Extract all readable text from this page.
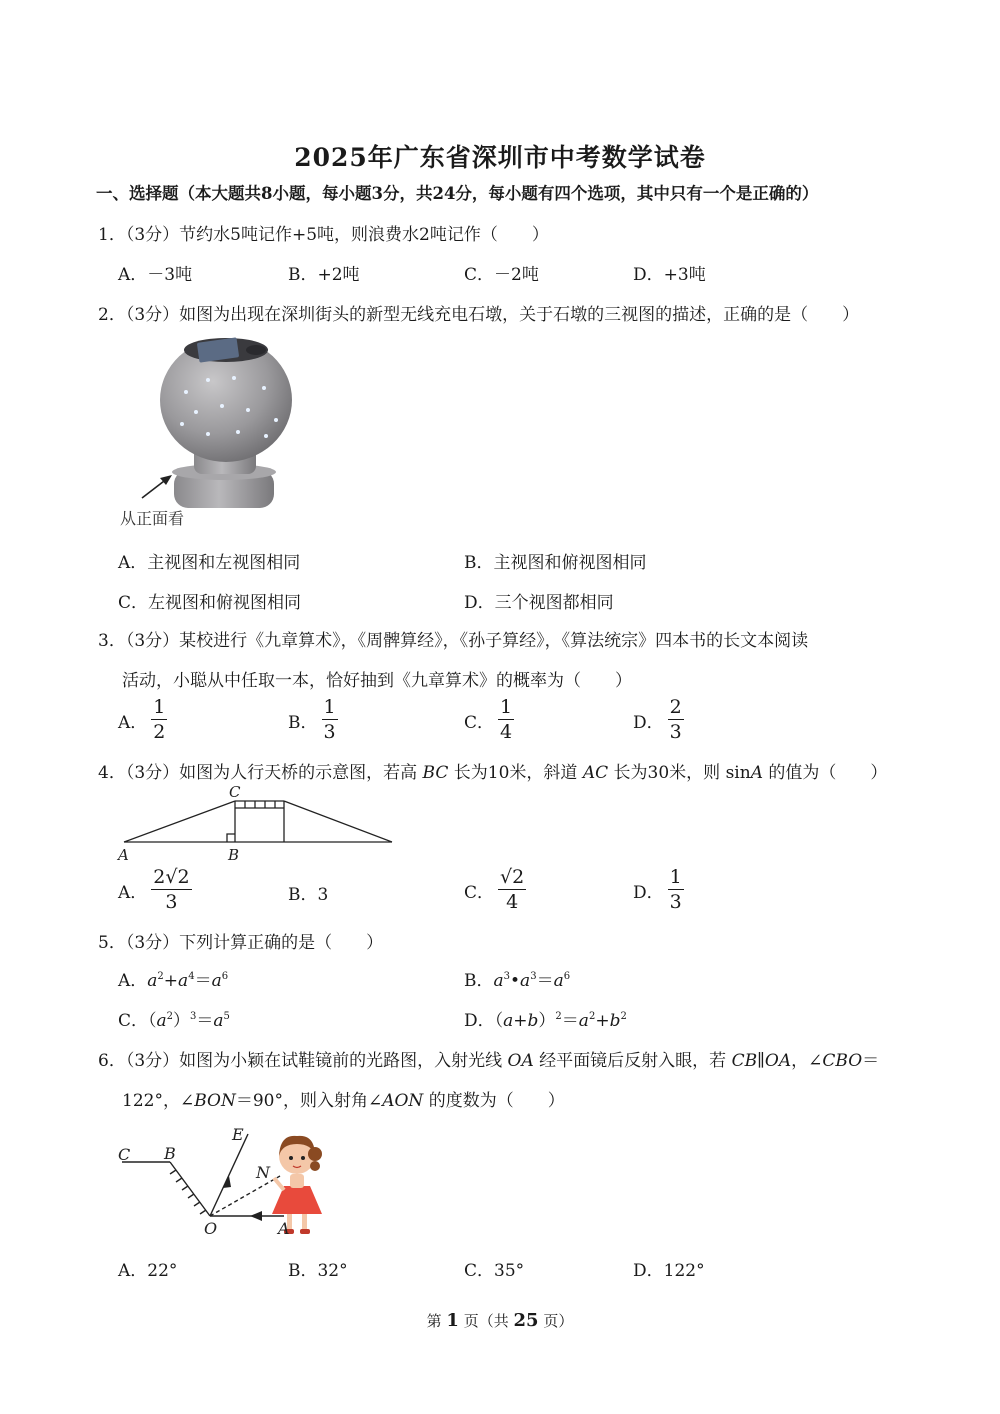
2025年广东省深圳市中考数学试卷
一、选择题（本大题共8小题，每小题3分，共24分，每小题有四个选项，其中只有一个是正确的）
1．（3分）节约水5吨记作+5吨，则浪费水2吨记作（　　）
A．－3吨	B．+2吨	C．－2吨	D．+3吨
2．（3分）如图为出现在深圳街头的新型无线充电石墩，关于石墩的三视图的描述，正确的是（　　）
从正面看
A．主视图和左视图相同	B．主视图和俯视图相同
C．左视图和俯视图相同	D．三个视图都相同
3．（3分）某校进行《九章算术》，《周髀算经》，《孙子算经》，《算法统宗》四本书的长文本阅读
活动，小聪从中任取一本，恰好抽到《九章算术》的概率为（　　）
A． $\frac{1}{2}$	B． $\frac{1}{3}$	C． $\frac{1}{4}$	D． $\frac{2}{3}$
4．（3分）如图为人行天桥的示意图，若高 BC 长为10米，斜道 AC 长为30米，则 sinA 的值为（　　）
C
A	B
A． $\frac{2√2}{3}$	B．3	C． $\frac{√2}{4}$	D． $\frac{1}{3}$
5．（3分）下列计算正确的是（　　）
A．$a^2+a^4=a^6$	B．$a^3•a^3=a^6$
C．$(a^2)^3=a^5$	D．$(a+b)^2=a^2+b^2$
6．（3分）如图为小颖在试鞋镜前的光路图，入射光线 OA 经平面镜后反射入眼，若 CB∥OA，∠CBO＝
122°，∠BON＝90°，则入射角∠AON 的度数为（　　）
C B
E
N
O	A
A．22°	B．32°	C．35°	D．122°
第 1 页（共 25 页）
